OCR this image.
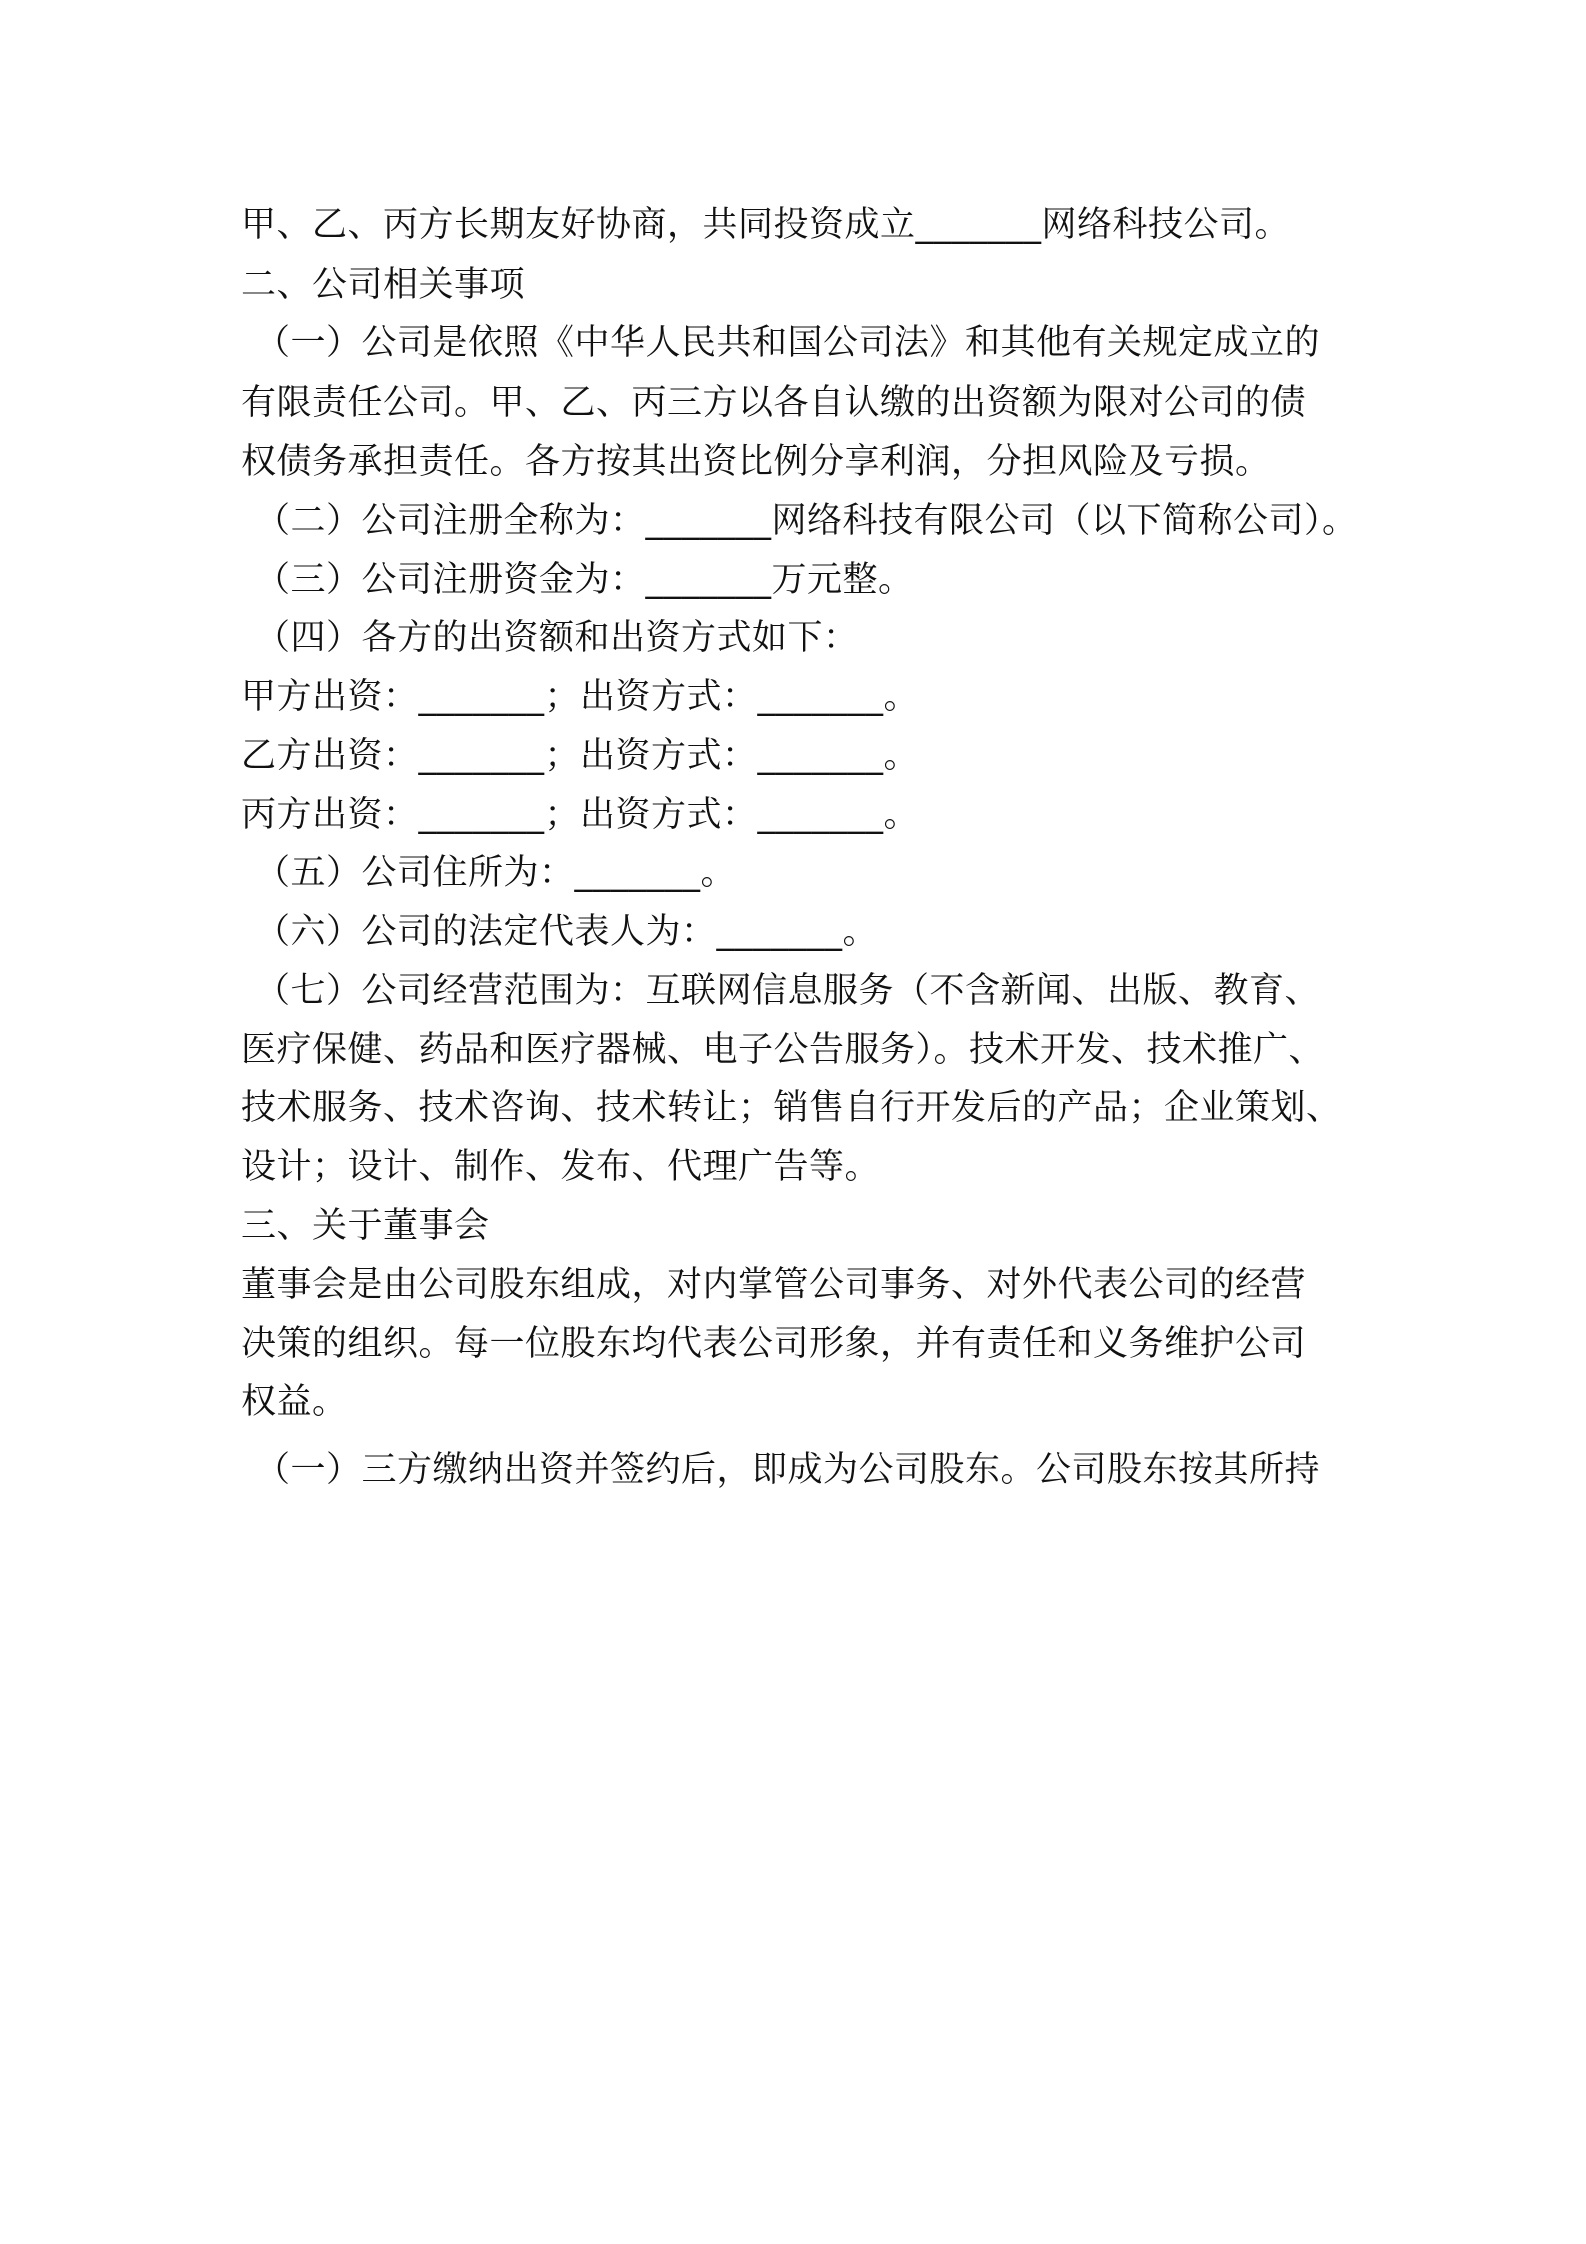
甲、乙、丙方长期友好协商，共同投资成立_______网络科技公司。
二、公司相关事项
（一）公司是依照《中华人民共和国公司法》和其他有关规定成立的
有限责任公司。甲、乙、丙三方以各自认缴的出资额为限对公司的债
权债务承担责任。各方按其出资比例分享利润，分担风险及亏损。
（二）公司注册全称为：_______网络科技有限公司（以下简称公司）。
（三）公司注册资金为：_______万元整。
（四）各方的出资额和出资方式如下：
甲方出资：_______；出资方式：_______。
乙方出资：_______；出资方式：_______。
丙方出资：_______；出资方式：_______。
（五）公司住所为：_______。
（六）公司的法定代表人为：_______。
（七）公司经营范围为：互联网信息服务（不含新闻、出版、教育、
医疗保健、药品和医疗器械、电子公告服务）。技术开发、技术推广、
技术服务、技术咨询、技术转让；销售自行开发后的产品；企业策划、
设计；设计、制作、发布、代理广告等。
三、关于董事会
董事会是由公司股东组成，对内掌管公司事务、对外代表公司的经营
决策的组织。每一位股东均代表公司形象，并有责任和义务维护公司
权益。
（一）三方缴纳出资并签约后，即成为公司股东。公司股东按其所持
